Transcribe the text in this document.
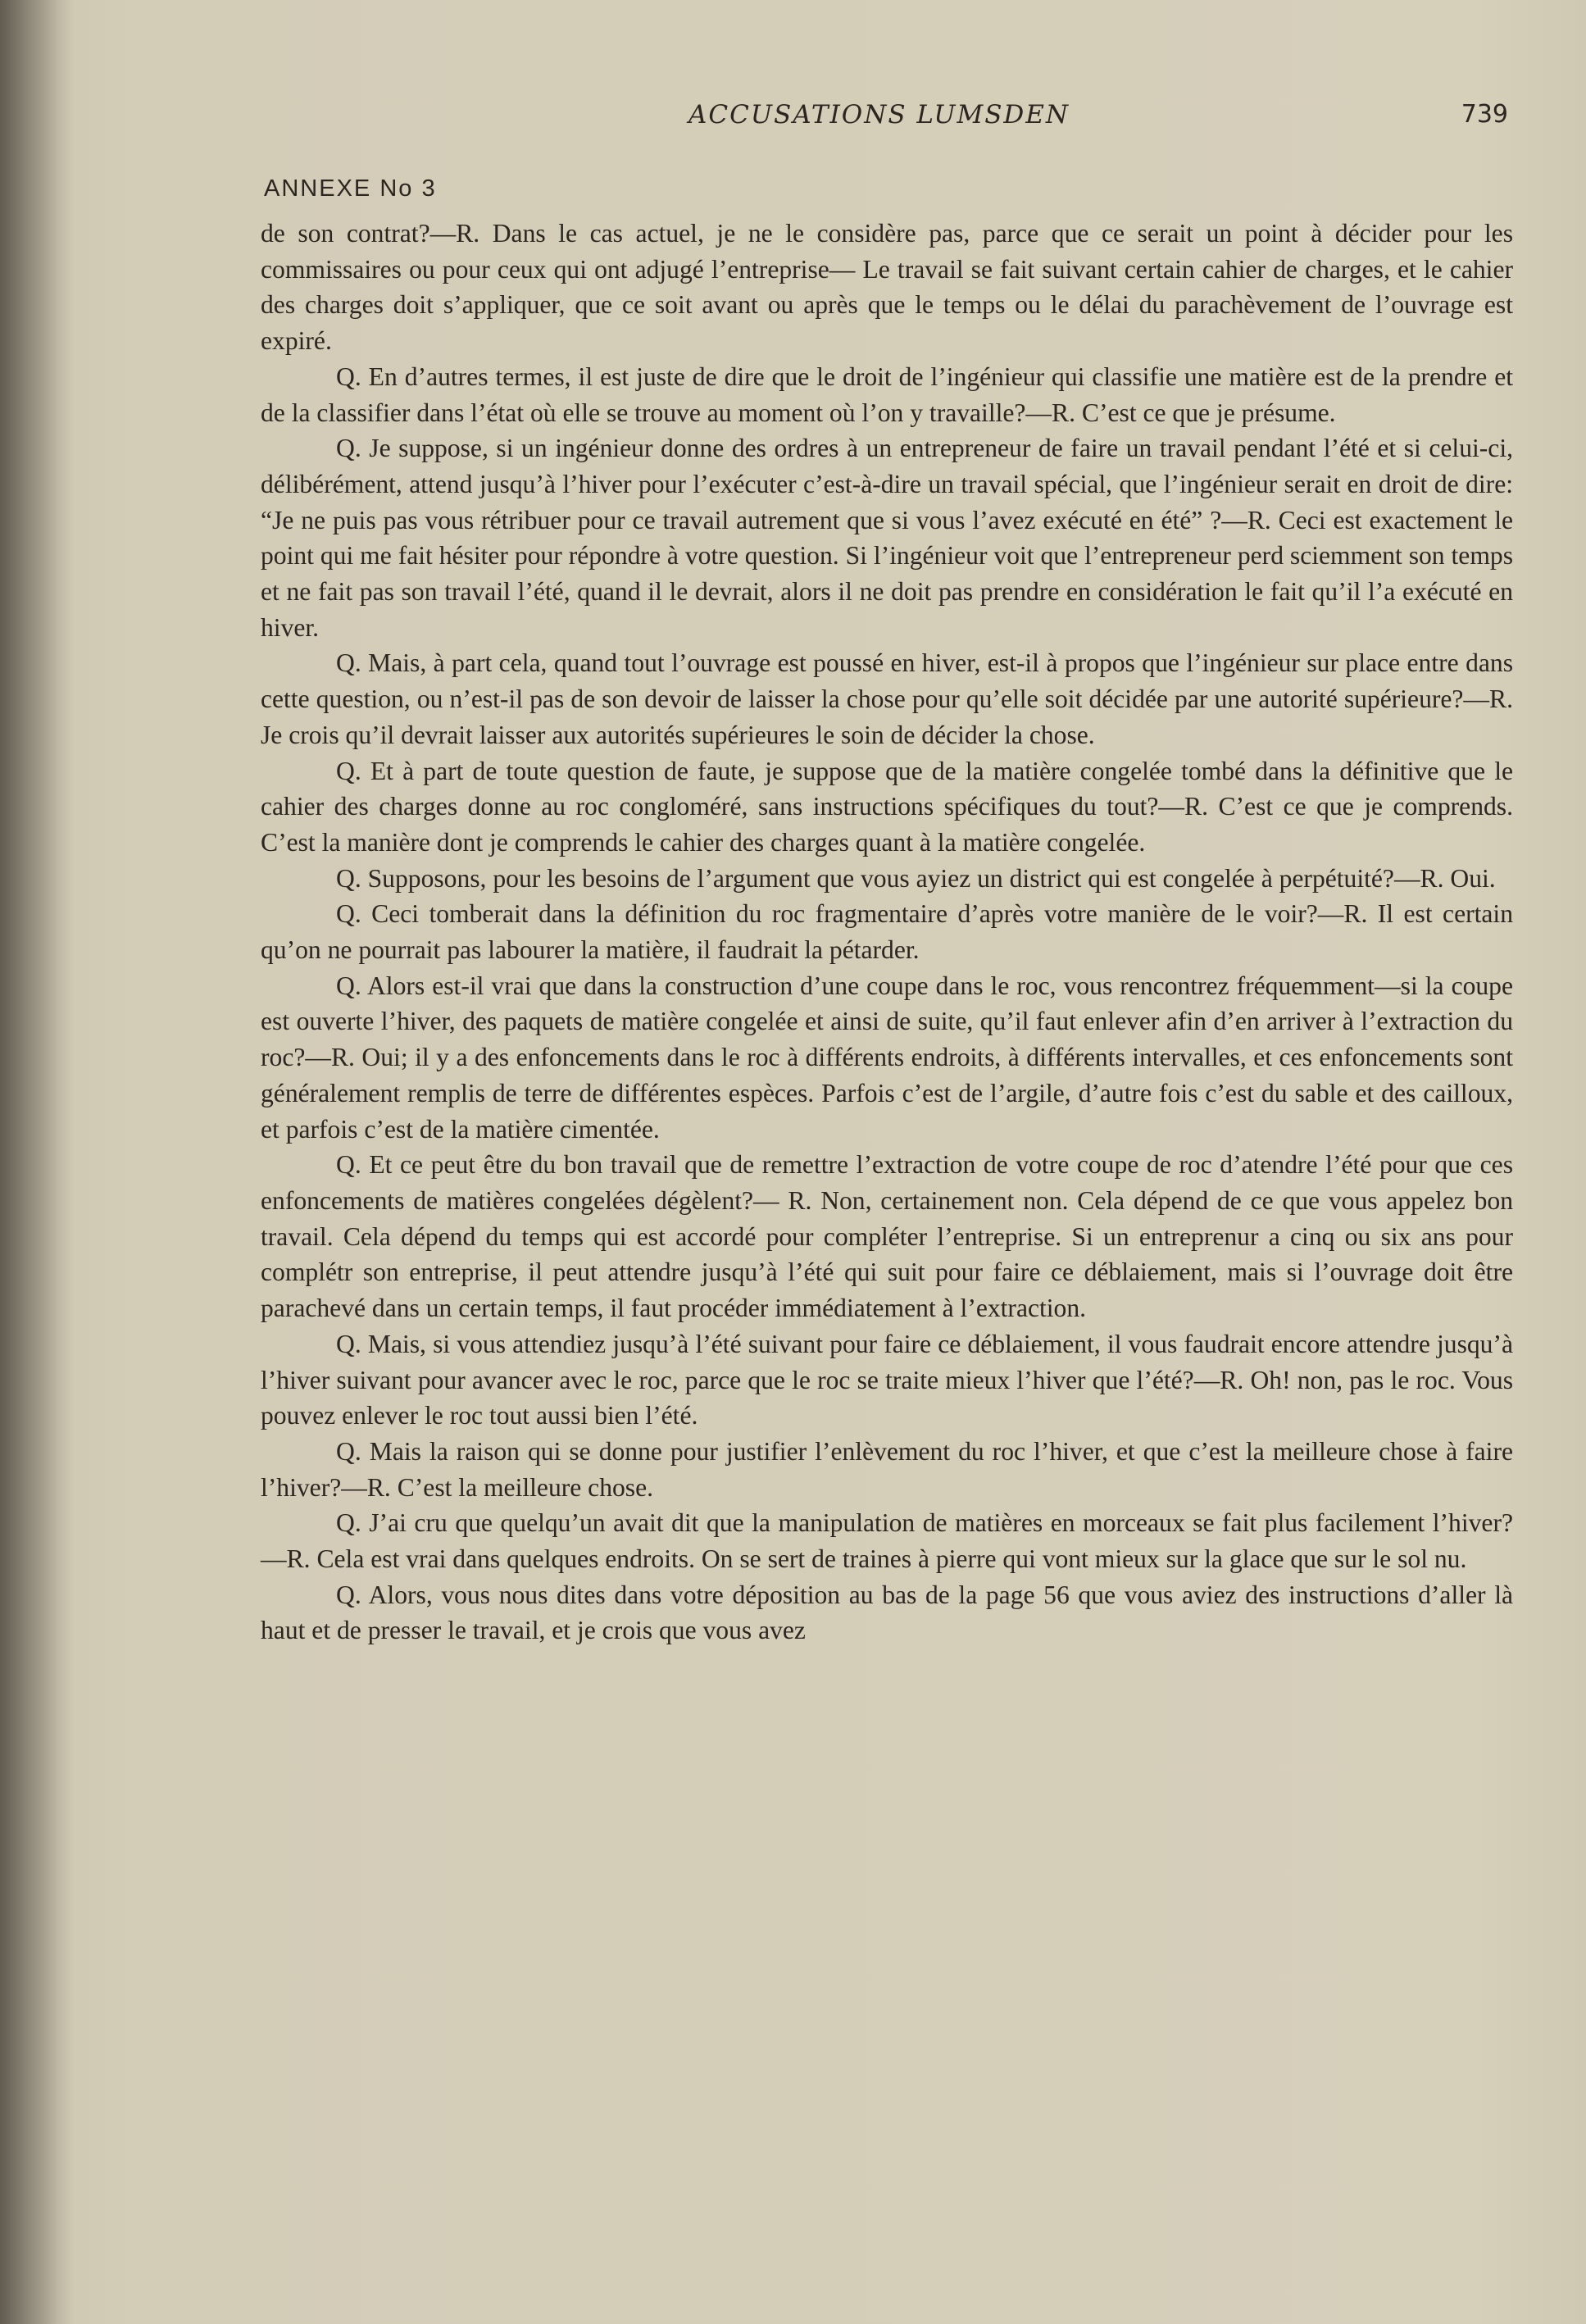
ACCUSATIONS LUMSDEN	739
ANNEXE No 3

de son contrat?—R. Dans le cas actuel, je ne le considère pas, parce que ce serait un point à décider pour les commissaires ou pour ceux qui ont adjugé l’entreprise— Le travail se fait suivant certain cahier de charges, et le cahier des charges doit s’appliquer, que ce soit avant ou après que le temps ou le délai du parachèvement de l’ouvrage est expiré.

Q. En d’autres termes, il est juste de dire que le droit de l’ingénieur qui classifie une matière est de la prendre et de la classifier dans l’état où elle se trouve au moment où l’on y travaille?—R. C’est ce que je présume.

Q. Je suppose, si un ingénieur donne des ordres à un entrepreneur de faire un travail pendant l’été et si celui-ci, délibérément, attend jusqu’à l’hiver pour l’exécuter c’est-à-dire un travail spécial, que l’ingénieur serait en droit de dire: “Je ne puis pas vous rétribuer pour ce travail autrement que si vous l’avez exécuté en été” ?—R. Ceci est exactement le point qui me fait hésiter pour répondre à votre question. Si l’ingénieur voit que l’entrepreneur perd sciemment son temps et ne fait pas son travail l’été, quand il le devrait, alors il ne doit pas prendre en considération le fait qu’il l’a exécuté en hiver.

Q. Mais, à part cela, quand tout l’ouvrage est poussé en hiver, est-il à propos que l’ingénieur sur place entre dans cette question, ou n’est-il pas de son devoir de laisser la chose pour qu’elle soit décidée par une autorité supérieure?—R. Je crois qu’il devrait laisser aux autorités supérieures le soin de décider la chose.

Q. Et à part de toute question de faute, je suppose que de la matière congelée tombé dans la définitive que le cahier des charges donne au roc congloméré, sans instructions spécifiques du tout?—R. C’est ce que je comprends. C’est la manière dont je comprends le cahier des charges quant à la matière congelée.

Q. Supposons, pour les besoins de l’argument que vous ayiez un district qui est congelée à perpétuité?—R. Oui.

Q. Ceci tomberait dans la définition du roc fragmentaire d’après votre manière de le voir?—R. Il est certain qu’on ne pourrait pas labourer la matière, il faudrait la pétarder.

Q. Alors est-il vrai que dans la construction d’une coupe dans le roc, vous rencontrez fréquemment—si la coupe est ouverte l’hiver, des paquets de matière congelée et ainsi de suite, qu’il faut enlever afin d’en arriver à l’extraction du roc?—R. Oui; il y a des enfoncements dans le roc à différents endroits, à différents intervalles, et ces enfoncements sont généralement remplis de terre de différentes espèces. Parfois c’est de l’argile, d’autre fois c’est du sable et des cailloux, et parfois c’est de la matière cimentée.

Q. Et ce peut être du bon travail que de remettre l’extraction de votre coupe de roc d’atendre l’été pour que ces enfoncements de matières congelées dégèlent?— R. Non, certainement non. Cela dépend de ce que vous appelez bon travail. Cela dépend du temps qui est accordé pour compléter l’entreprise. Si un entreprenur a cinq ou six ans pour complétr son entreprise, il peut attendre jusqu’à l’été qui suit pour faire ce déblaiement, mais si l’ouvrage doit être parachevé dans un certain temps, il faut procéder immédiatement à l’extraction.

Q. Mais, si vous attendiez jusqu’à l’été suivant pour faire ce déblaiement, il vous faudrait encore attendre jusqu’à l’hiver suivant pour avancer avec le roc, parce que le roc se traite mieux l’hiver que l’été?—R. Oh! non, pas le roc. Vous pouvez enlever le roc tout aussi bien l’été.

Q. Mais la raison qui se donne pour justifier l’enlèvement du roc l’hiver, et que c’est la meilleure chose à faire l’hiver?—R. C’est la meilleure chose.

Q. J’ai cru que quelqu’un avait dit que la manipulation de matières en morceaux se fait plus facilement l’hiver?—R. Cela est vrai dans quelques endroits. On se sert de traines à pierre qui vont mieux sur la glace que sur le sol nu.

Q. Alors, vous nous dites dans votre déposition au bas de la page 56 que vous aviez des instructions d’aller là haut et de presser le travail, et je crois que vous avez
